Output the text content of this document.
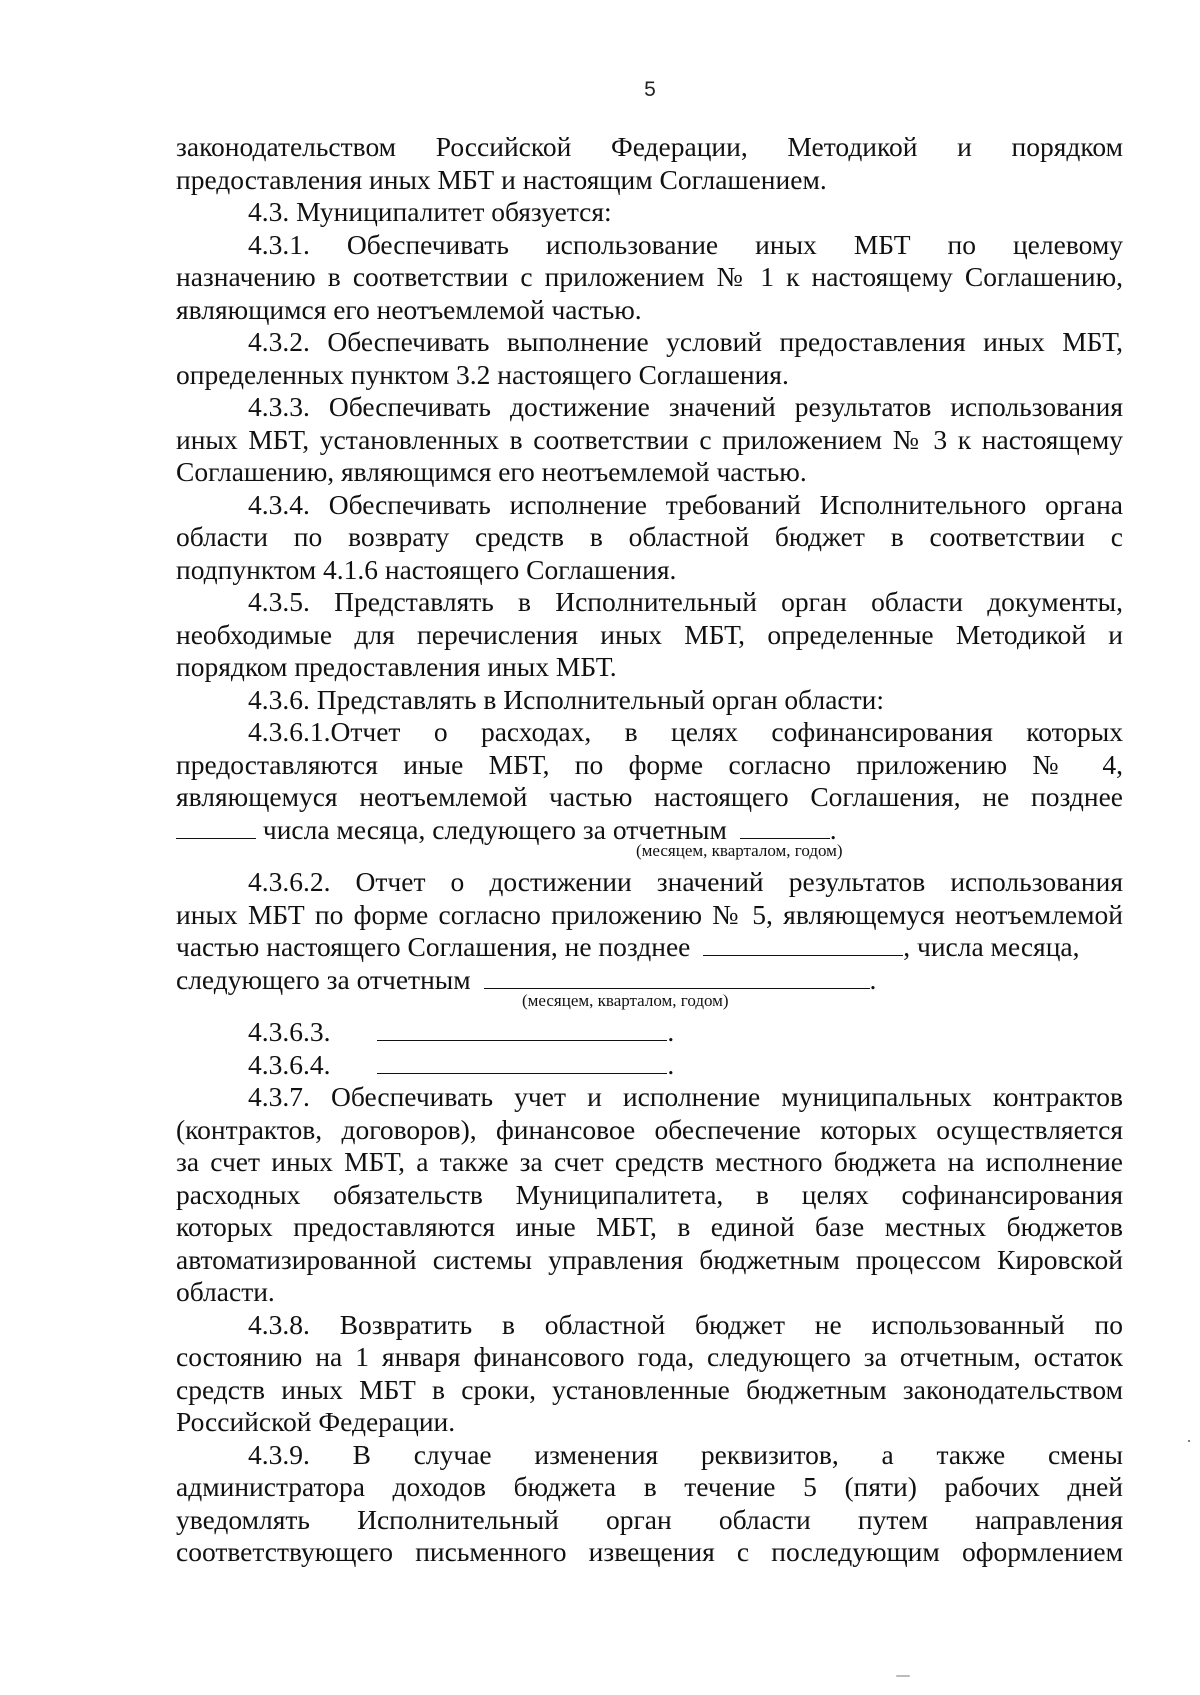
5
законодательством Российской Федерации, Методикой и порядком
предоставления иных МБТ и настоящим Соглашением.
4.3. Муниципалитет обязуется:
4.3.1. Обеспечивать использование иных МБТ по целевому
назначению в соответствии с приложением № 1 к настоящему Соглашению,
являющимся его неотъемлемой частью.
4.3.2. Обеспечивать выполнение условий предоставления иных МБТ,
определенных пунктом 3.2 настоящего Соглашения.
4.3.3. Обеспечивать достижение значений результатов использования
иных МБТ, установленных в соответствии с приложением № 3 к настоящему
Соглашению, являющимся его неотъемлемой частью.
4.3.4. Обеспечивать исполнение требований Исполнительного органа
области по возврату средств в областной бюджет в соответствии с
подпунктом 4.1.6 настоящего Соглашения.
4.3.5. Представлять в Исполнительный орган области документы,
необходимые для перечисления иных МБТ, определенные Методикой и
порядком предоставления иных МБТ.
4.3.6. Представлять в Исполнительный орган области:
4.3.6.1.Отчет о расходах, в целях софинансирования которых
предоставляются иные МБТ, по форме согласно приложению № 4,
являющемуся неотъемлемой частью настоящего Соглашения, не позднее
числа месяца, следующего за отчетным	.
(месяцем, кварталом, годом)
4.3.6.2. Отчет о достижении значений результатов использования
иных МБТ по форме согласно приложению № 5, являющемуся неотъемлемой
частью настоящего Соглашения, не позднее	, числа месяца,
следующего за отчетным	.
(месяцем, кварталом, годом)
4.3.6.3.	.
4.3.6.4.	.
4.3.7. Обеспечивать учет и исполнение муниципальных контрактов
(контрактов, договоров), финансовое обеспечение которых осуществляется
за счет иных МБТ, а также за счет средств местного бюджета на исполнение
расходных обязательств Муниципалитета, в целях софинансирования
которых предоставляются иные МБТ, в единой базе местных бюджетов
автоматизированной системы управления бюджетным процессом Кировской
области.
4.3.8. Возвратить в областной бюджет не использованный по
состоянию на 1 января финансового года, следующего за отчетным, остаток
средств иных МБТ в сроки, установленные бюджетным законодательством
Российской Федерации.
4.3.9. В случае изменения реквизитов, а также смены
администратора доходов бюджета в течение 5 (пяти) рабочих дней
уведомлять Исполнительный орган области путем направления
соответствующего письменного извещения с последующим оформлением
